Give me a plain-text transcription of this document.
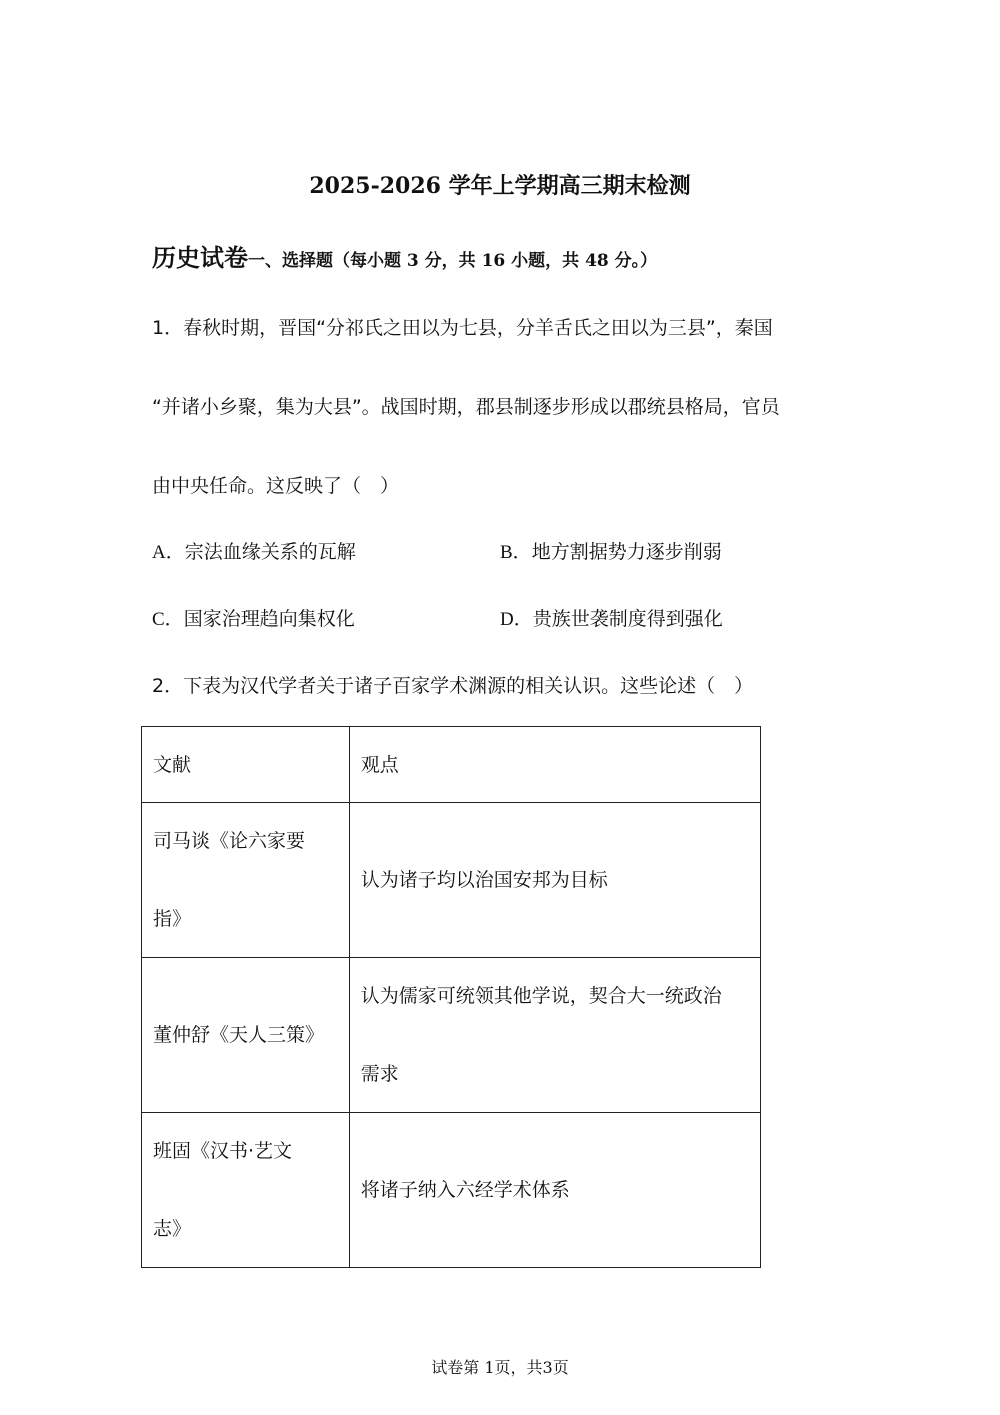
2025-2026 学年上学期高三期末检测
历史试卷一、选择题（每小题 3 分，共 16 小题，共 48 分。）
1．春秋时期，晋国“分祁氏之田以为七县，分羊舌氏之田以为三县”，秦国
“并诸小乡聚，集为大县”。战国时期，郡县制逐步形成以郡统县格局，官员
由中央任命。这反映了（　）
A．宗法血缘关系的瓦解	B．地方割据势力逐步削弱
C．国家治理趋向集权化	D．贵族世袭制度得到强化
2．下表为汉代学者关于诸子百家学术渊源的相关认识。这些论述（　）
文献	观点

司马谈《论六家要
指》	认为诸子均以治国安邦为目标

董仲舒《天人三策》	认为儒家可统领其他学说，契合大一统政治
需求

班固《汉书·艺文
志》	将诸子纳入六经学术体系
试卷第 1页，共3页
